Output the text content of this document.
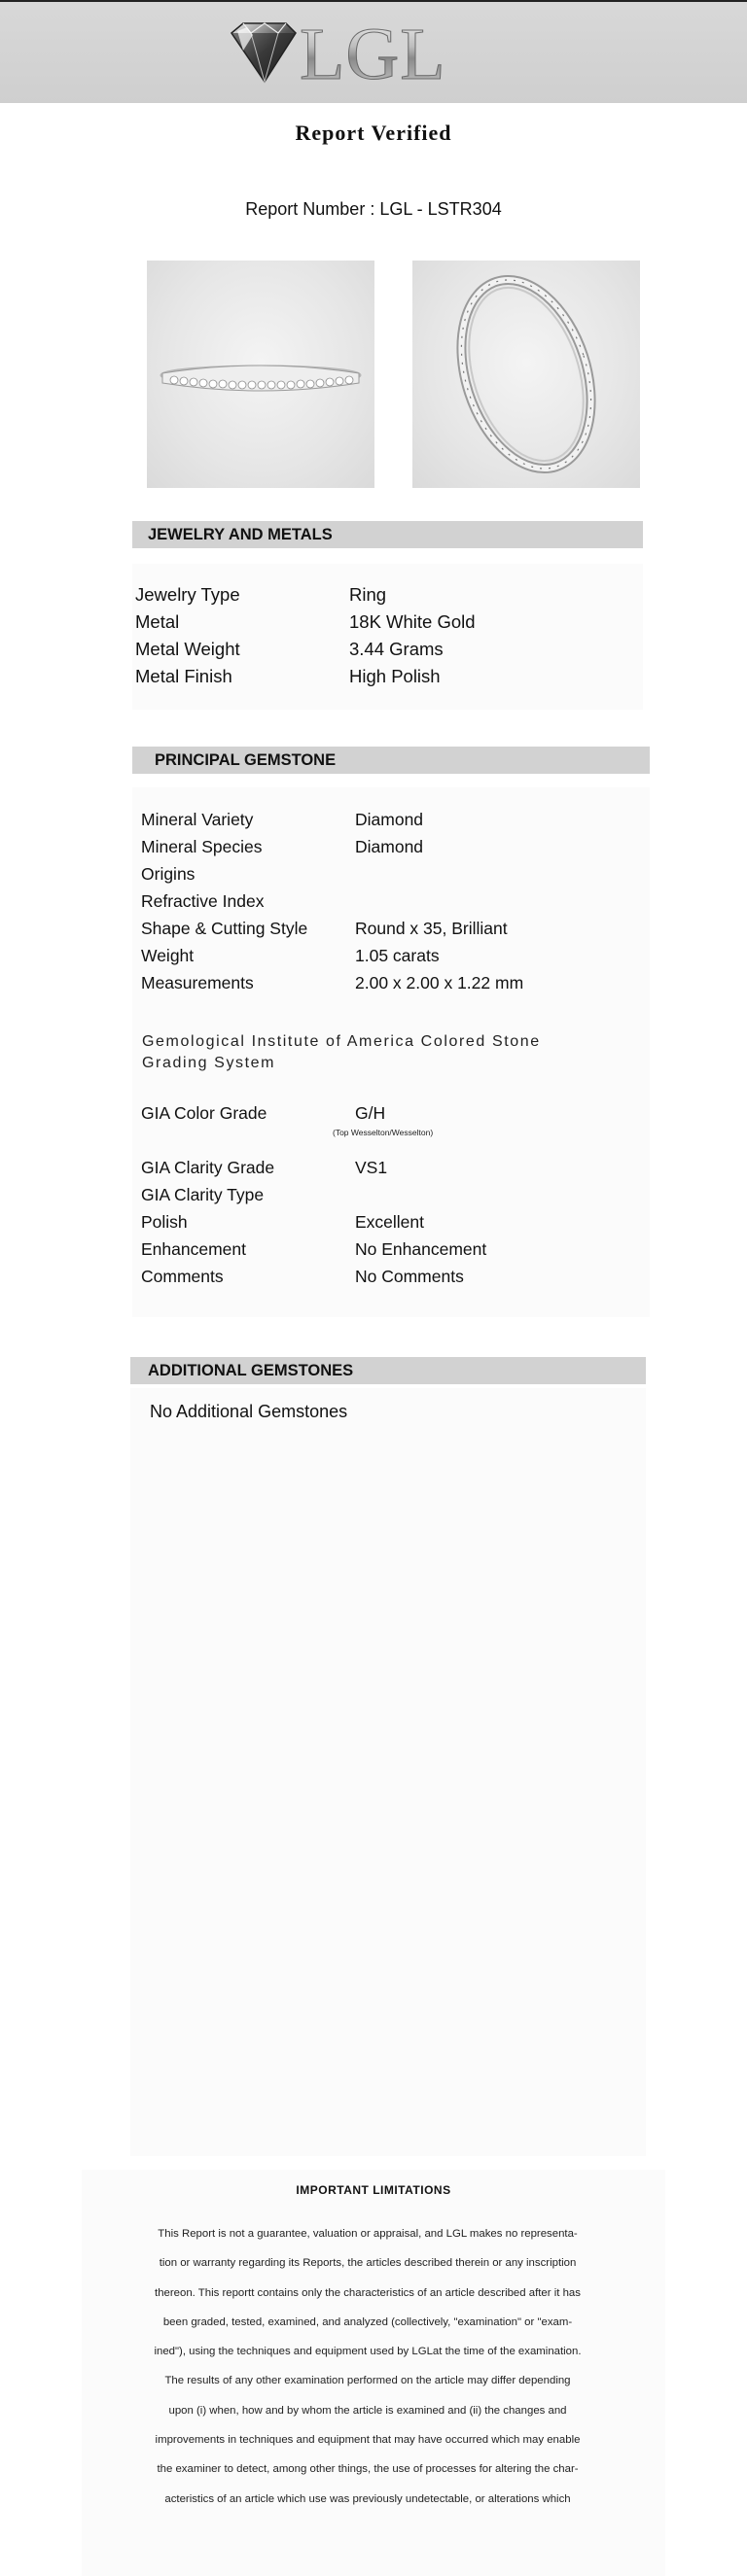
LGL
Report Verified
Report Number : LGL - LSTR304
JEWELRY AND METALS
Jewelry Type	Ring
Metal	18K White Gold
Metal Weight	3.44 Grams
Metal Finish	High Polish
PRINCIPAL GEMSTONE
Mineral Variety	Diamond
Mineral Species	Diamond
Origins
Refractive Index
Shape & Cutting Style	Round x 35, Brilliant
Weight	1.05 carats
Measurements	2.00 x 2.00 x 1.22 mm
Gemological Institute of America Colored Stone Grading System
GIA Color Grade	G/H
(Top Wesselton/Wesselton)
GIA Clarity Grade	VS1
GIA Clarity Type
Polish	Excellent
Enhancement	No Enhancement
Comments	No Comments
ADDITIONAL GEMSTONES
No Additional Gemstones
IMPORTANT LIMITATIONS
This Report is not a guarantee, valuation or appraisal, and LGL makes no representa-
tion or warranty regarding its Reports, the articles described therein or any inscription
thereon. This reportt contains only the characteristics of an article described after it has
been graded, tested, examined, and analyzed (collectively, "examination" or "exam-
ined"), using the techniques and equipment used by LGLat the time of the examination.
The results of any other examination performed on the article may differ depending
upon (i) when, how and by whom the article is examined and (ii) the changes and
improvements in techniques and equipment that may have occurred which may enable
the examiner to detect, among other things, the use of processes for altering the char-
acteristics of an article which use was previously undetectable, or alterations which
